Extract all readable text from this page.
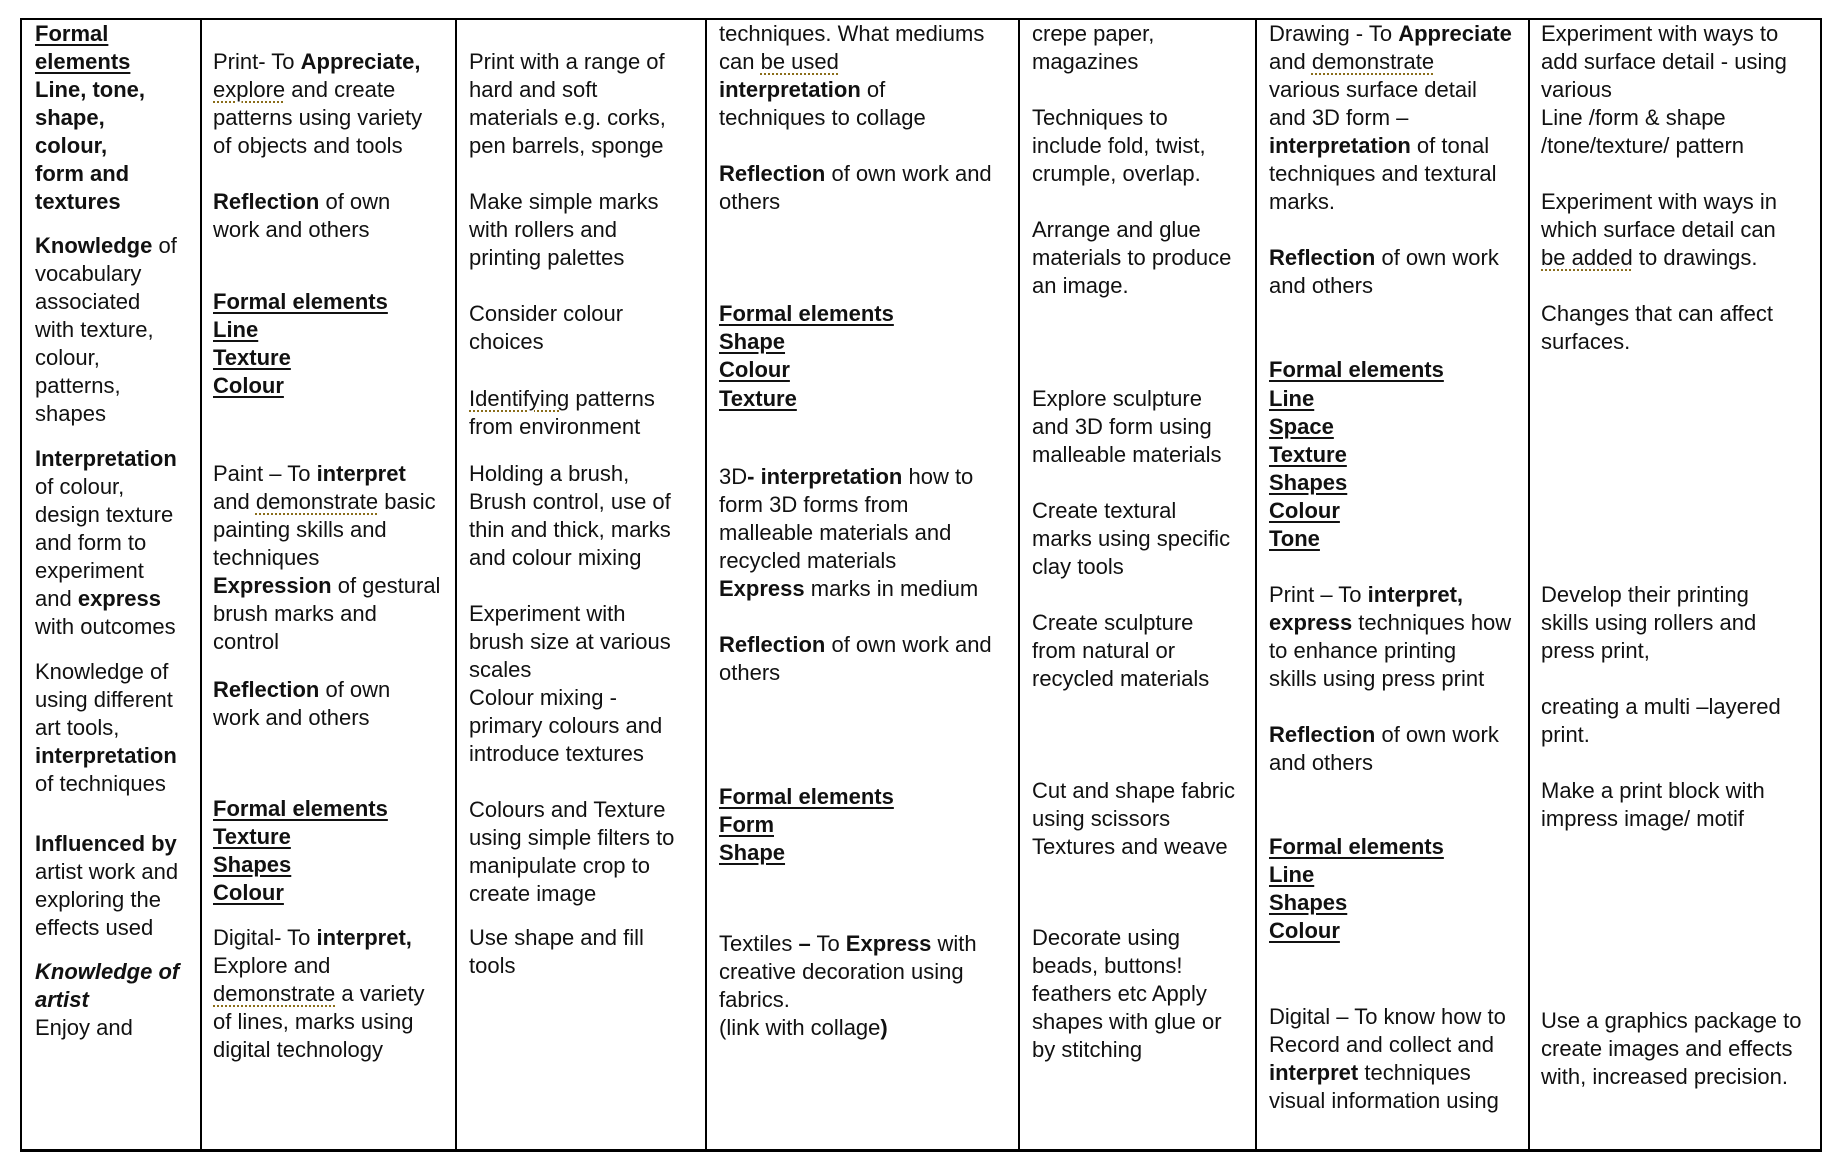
Formal
elements
Line, tone,
shape,
colour,
form and
textures
Knowledge of
vocabulary
associated
with texture,
colour,
patterns,
shapes
Interpretation
of colour,
design texture
and form to
experiment
and express
with outcomes
Knowledge of
using different
art tools,
interpretation
of techniques
Influenced by
artist work and
exploring the
effects used
Knowledge of
artist
Enjoy and
Print- To Appreciate,
explore and create
patterns using variety
of objects and tools
Reflection of own
work and others
Formal elements
Line
Texture
Colour
Paint – To interpret
and demonstrate basic
painting skills and
techniques
Expression of gestural
brush marks and
control
Reflection of own
work and others
Formal elements
Texture
Shapes
Colour
Digital- To interpret,
Explore and
demonstrate a variety
of lines, marks using
digital technology
Print with a range of
hard and soft
materials e.g. corks,
pen barrels, sponge
Make simple marks
with rollers and
printing palettes
Consider colour
choices
Identifying patterns
from environment
Holding a brush,
Brush control, use of
thin and thick, marks
and colour mixing
Experiment with
brush size at various
scales
Colour mixing -
primary colours and
introduce textures
Colours and Texture
using simple filters to
manipulate crop to
create image
Use shape and fill
tools
techniques. What mediums
can be used
interpretation of
techniques to collage
Reflection of own work and
others
Formal elements
Shape
Colour
Texture
3D- interpretation how to
form 3D forms from
malleable materials and
recycled materials
Express marks in medium
Reflection of own work and
others
Formal elements
Form
Shape
Textiles – To Express with
creative decoration using
fabrics.
(link with collage)
crepe paper,
magazines
Techniques to
include fold, twist,
crumple, overlap.
Arrange and glue
materials to produce
an image.
Explore sculpture
and 3D form using
malleable materials
Create textural
marks using specific
clay tools
Create sculpture
from natural or
recycled materials
Cut and shape fabric
using scissors
Textures and weave
Decorate using
beads, buttons!
feathers etc Apply
shapes with glue or
by stitching
Drawing - To Appreciate
and demonstrate
various surface detail
and 3D form –
interpretation of tonal
techniques and textural
marks.
Reflection of own work
and others
Formal elements
Line
Space
Texture
Shapes
Colour
Tone
Print – To interpret,
express techniques how
to enhance printing
skills using press print
Reflection of own work
and others
Formal elements
Line
Shapes
Colour
Digital – To know how to
Record and collect and
interpret techniques
visual information using
Experiment with ways to
add surface detail - using
various
Line /form & shape
/tone/texture/ pattern
Experiment with ways in
which surface detail can
be added to drawings.
Changes that can affect
surfaces.
Develop their printing
skills using rollers and
press print,
creating a multi –layered
print.
Make a print block with
impress image/ motif
Use a graphics package to
create images and effects
with, increased precision.
